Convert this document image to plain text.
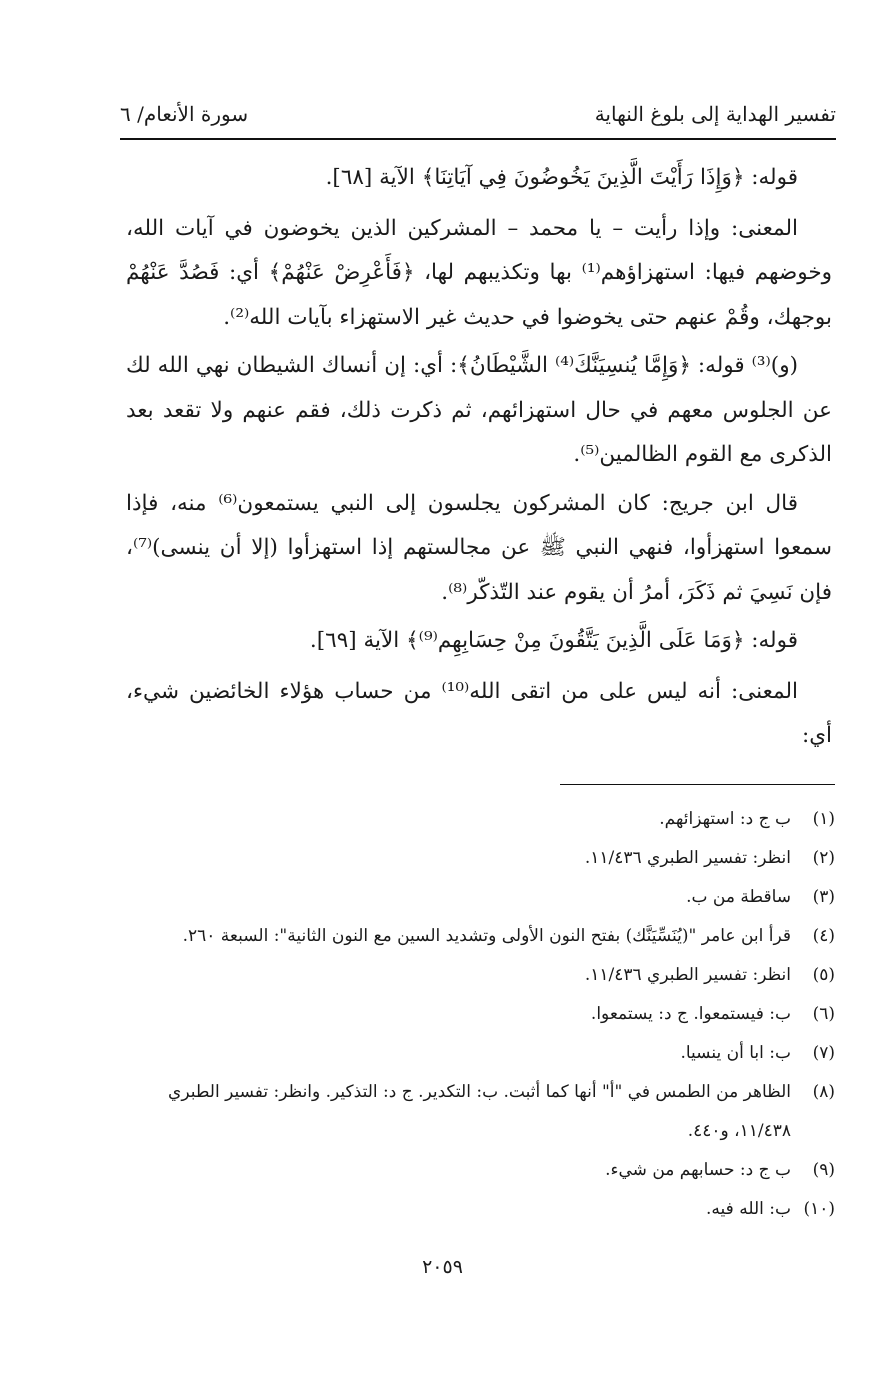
تفسير الهداية إلى بلوغ النهاية
سورة الأنعام/ ٦

قوله: ﴿وَإِذَا رَأَيْتَ الَّذِينَ يَخُوضُونَ فِي آيَاتِنَا﴾ الآية [٦٨].

المعنى: وإذا رأيت – يا محمد – المشركين الذين يخوضون في آيات الله، وخوضهم فيها: استهزاؤهم⁽¹⁾ بها وتكذيبهم لها، ﴿فَأَعْرِضْ عَنْهُمْ﴾ أي: فَصُدَّ عَنْهُمْ بوجهك، وقُمْ عنهم حتى يخوضوا في حديث غير الاستهزاء بآيات الله⁽²⁾.

(و)⁽³⁾ قوله: ﴿وَإِمَّا يُنسِيَنَّكَ⁽⁴⁾ الشَّيْطَانُ﴾: أي: إن أنساك الشيطان نهي الله لك عن الجلوس معهم في حال استهزائهم، ثم ذكرت ذلك، فقم عنهم ولا تقعد بعد الذكرى مع القوم الظالمين⁽⁵⁾.

قال ابن جريج: كان المشركون يجلسون إلى النبي يستمعون⁽⁶⁾ منه، فإذا سمعوا استهزأوا، فنهي النبي ﷺ عن مجالستهم إذا استهزأوا (إلا أن ينسى)⁽⁷⁾، فإن نَسِيَ ثم ذَكَرَ، أمرُ أن يقوم عند التّذكّر⁽⁸⁾.

قوله: ﴿وَمَا عَلَى الَّذِينَ يَتَّقُونَ مِنْ حِسَابِهِم⁽⁹⁾﴾ الآية [٦٩].

المعنى: أنه ليس على من اتقى الله⁽¹⁰⁾ من حساب هؤلاء الخائضين شيء، أي:

(١)
ب ج د: استهزائهم.
(٢)
انظر: تفسير الطبري ١١/٤٣٦.
(٣)
ساقطة من ب.
(٤)
قرأ ابن عامر "(يُنَسِّيَنَّك) بفتح النون الأولى وتشديد السين مع النون الثانية": السبعة ٢٦٠.
(٥)
انظر: تفسير الطبري ١١/٤٣٦.
(٦)
ب: فيستمعوا. ج د: يستمعوا.
(٧)
ب: ابا أن ينسيا.
(٨)
الظاهر من الطمس في "أ" أنها كما أثبت. ب: التكدير. ج د: التذكير. وانظر: تفسير الطبري ١١/٤٣٨، و٤٤٠.
(٩)
ب ج د: حسابهم من شيء.
(١٠)
ب: الله فيه.
٢٠٥٩
